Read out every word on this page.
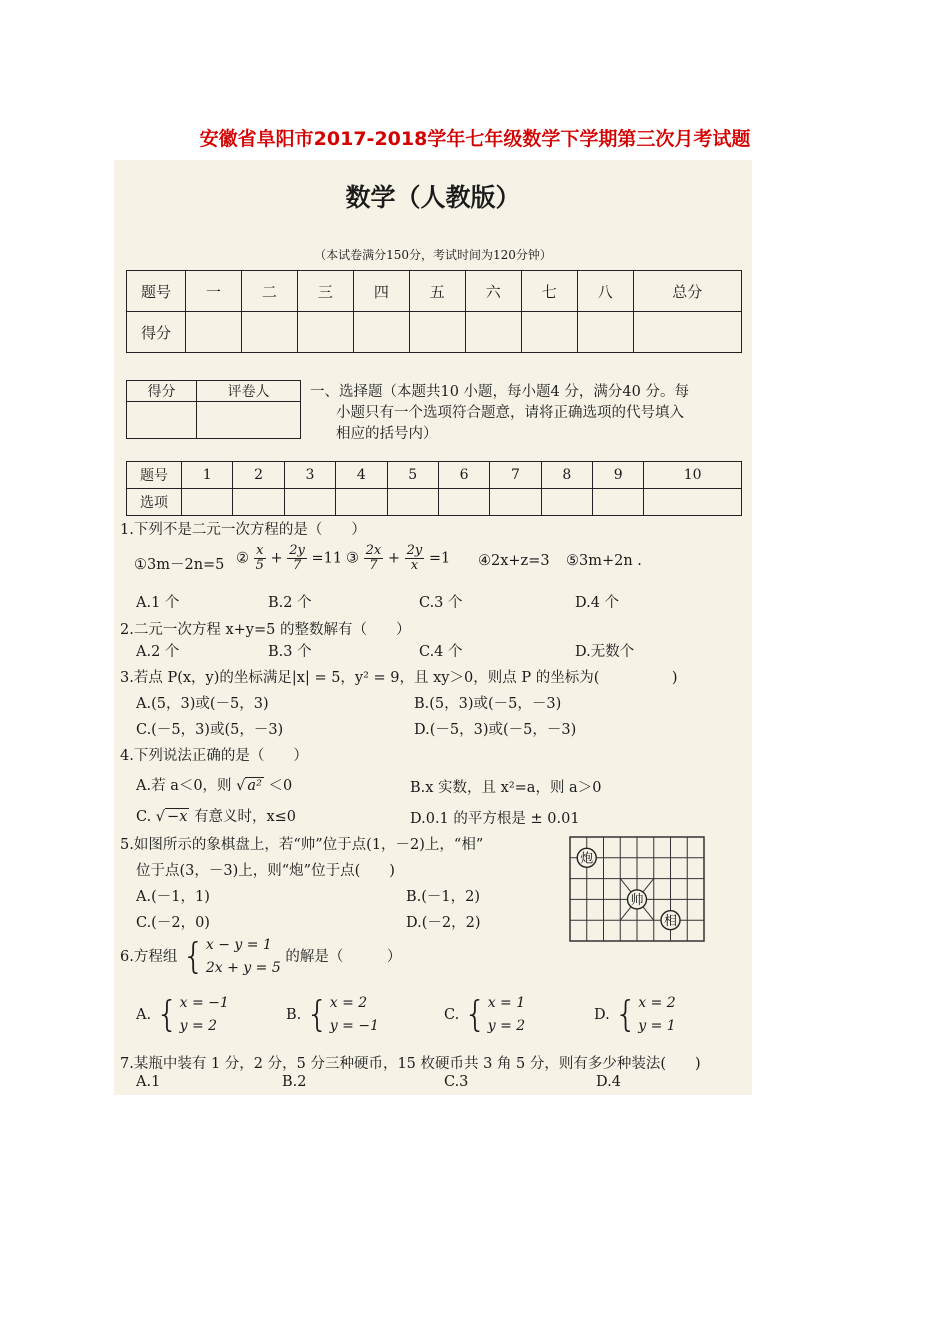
安徽省阜阳市2017-2018学年七年级数学下学期第三次月考试题
数学（人教版）
（本试卷满分150分，考试时间为120分钟）
题号	一	二	三	四	五	六	七	八	总分
得分									
得分	评卷人
		一、选择题（本题共10 小题，每小题4 分，满分40 分。每
小题只有一个选项符合题意，请将正确选项的代号填入
相应的括号内）
题号	1	2	3	4	5	6	7	8	9	10
选项										
1.下列不是二元一次方程的是（　　）
①3m－2n=5 ② $\frac{x}{5} + \frac{2y}{7} =11$ ③ $\frac{2x}{7} + \frac{2y}{x} =1$ ④2x+z=3 ⑤3m+2n .
A.1 个	B.2 个	C.3 个	D.4 个
2.二元一次方程 x+y=5 的整数解有（　　）
A.2 个	B.3 个	C.4 个	D.无数个
3.若点 P(x，y)的坐标满足|x| = 5，y² = 9，且 xy＞0，则点 P 的坐标为(　　　　　)
A.(5，3)或(－5，3)	B.(5，3)或(－5，－3)
C.(－5，3)或(5，－3)	D.(－5，3)或(－5，－3)
4.下列说法正确的是（　　）
A.若 a＜0，则 √ a² ＜0	B.x 实数，且 x²=a，则 a＞0
C. √ −x 有意义时，x≤0	D.0.1 的平方根是 ± 0.01
5.如图所示的象棋盘上，若“帅”位于点(1，－2)上，“相”
位于点(3，－3)上，则“炮”位于点(　　)
A.(－1，1)	B.(－1，2)
C.(－2，0)	D.(－2，2)
炮
帅
相
6.方程组 { x − y = 1
2x + y = 5
的解是（　　　）
A. { x = −1
y = 2
B. { x = 2
y = −1
C. { x = 1
y = 2
D. { x = 2
y = 1
7.某瓶中装有 1 分，2 分，5 分三种硬币，15 枚硬币共 3 角 5 分，则有多少种装法(　　)
A.1	B.2	C.3	D.4
